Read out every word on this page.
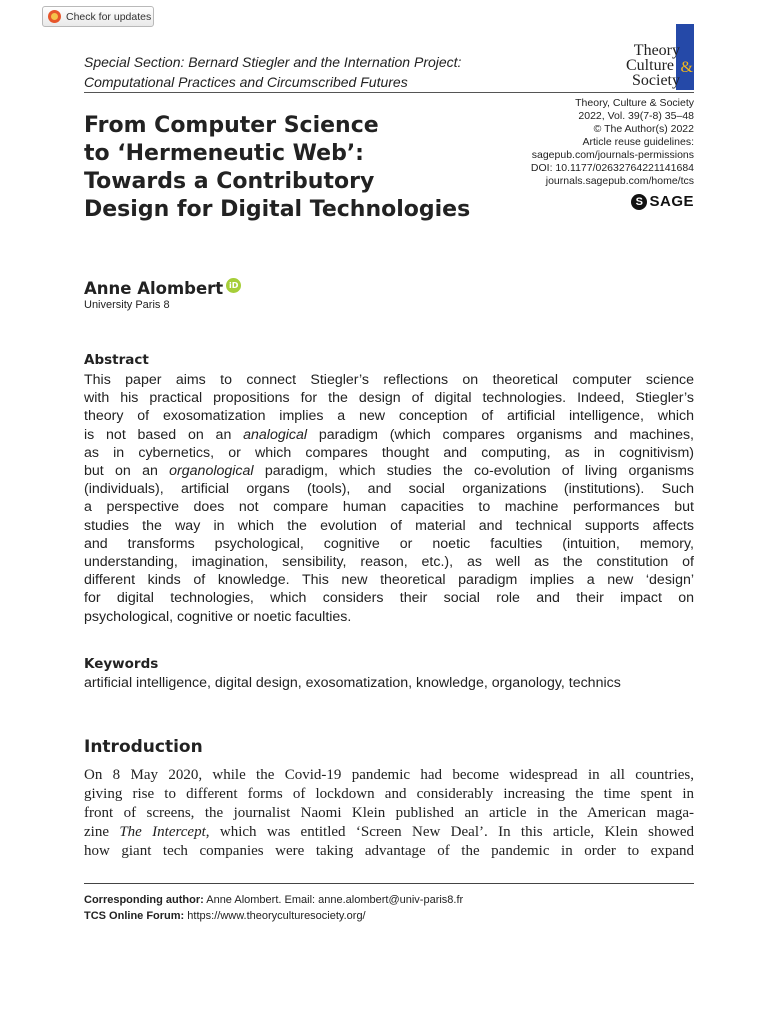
Check for updates
Special Section: Bernard Stiegler and the Internation Project:
Computational Practices and Circumscribed Futures
Theory
Culture &
Society
Theory, Culture & Society
2022, Vol. 39(7-8) 35–48
© The Author(s) 2022
Article reuse guidelines:
sagepub.com/journals-permissions
DOI: 10.1177/02632764221141684
journals.sagepub.com/home/tcs
S SAGE
From Computer Science
to ‘Hermeneutic Web’:
Towards a Contributory
Design for Digital Technologies
Anne Alombert iD
University Paris 8
Abstract
This paper aims to connect Stiegler’s reflections on theoretical computer science
with his practical propositions for the design of digital technologies. Indeed, Stiegler’s
theory of exosomatization implies a new conception of artificial intelligence, which
is not based on an analogical paradigm (which compares organisms and machines,
as in cybernetics, or which compares thought and computing, as in cognitivism)
but on an organological paradigm, which studies the co-evolution of living organisms
(individuals), artificial organs (tools), and social organizations (institutions). Such
a perspective does not compare human capacities to machine performances but
studies the way in which the evolution of material and technical supports affects
and transforms psychological, cognitive or noetic faculties (intuition, memory,
understanding, imagination, sensibility, reason, etc.), as well as the constitution of
different kinds of knowledge. This new theoretical paradigm implies a new ‘design’
for digital technologies, which considers their social role and their impact on
psychological, cognitive or noetic faculties.
Keywords
artificial intelligence, digital design, exosomatization, knowledge, organology, technics
Introduction
On 8 May 2020, while the Covid-19 pandemic had become widespread in all countries,
giving rise to different forms of lockdown and considerably increasing the time spent in
front of screens, the journalist Naomi Klein published an article in the American maga-
zine The Intercept, which was entitled ‘Screen New Deal’. In this article, Klein showed
how giant tech companies were taking advantage of the pandemic in order to expand
Corresponding author: Anne Alombert. Email: anne.alombert@univ-paris8.fr
TCS Online Forum: https://www.theoryculturesociety.org/
